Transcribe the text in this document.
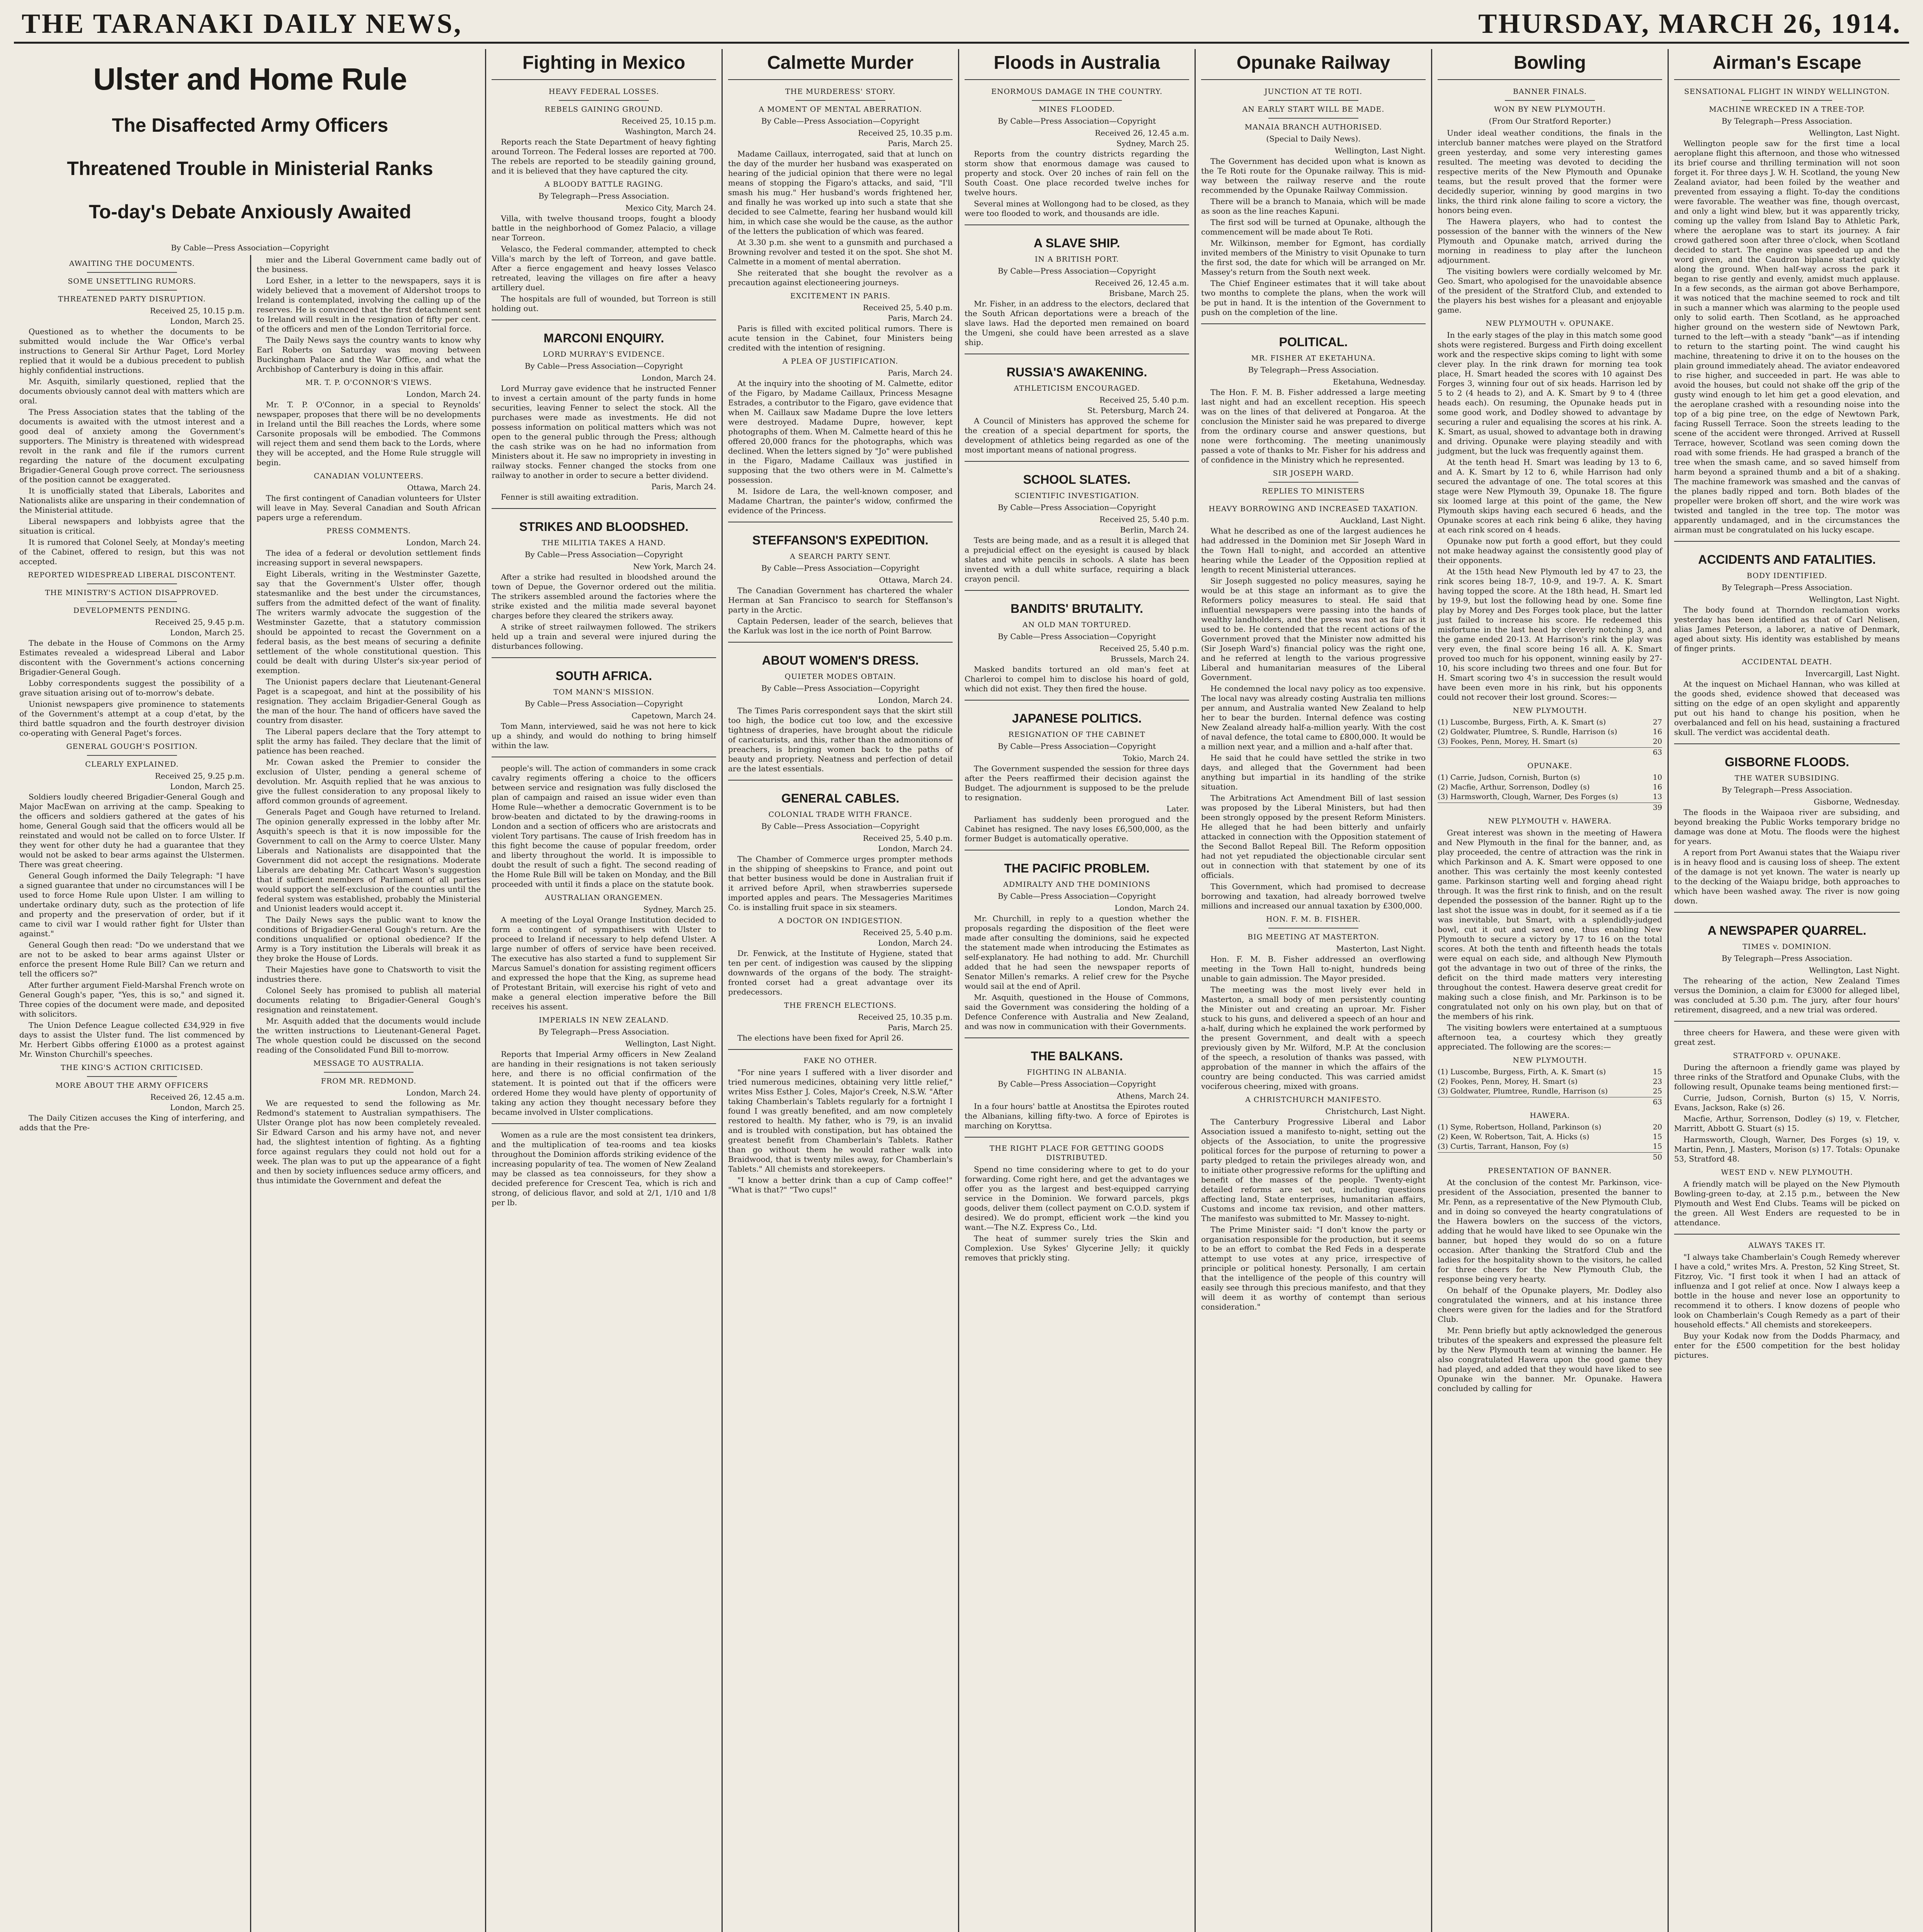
THE TARANAKI DAILY NEWS,	THURSDAY, MARCH 26, 1914.
Ulster and Home Rule
The Disaffected Army Officers
Threatened Trouble in Ministerial Ranks
To-day's Debate Anxiously Awaited
By Cable—Press Association—Copyright
AWAITING THE DOCUMENTS.
SOME UNSETTLING RUMORS.
THREATENED PARTY DISRUPTION.
Received 25, 10.15 p.m.
London, March 25.

Questioned as to whether the documents to be submitted would include the War Office's verbal instructions to General Sir Arthur Paget, Lord Morley replied that it would be a dubious precedent to publish highly confidential instructions.

Mr. Asquith, similarly questioned, replied that the documents obviously cannot deal with matters which are oral.

The Press Association states that the tabling of the documents is awaited with the utmost interest and a good deal of anxiety among the Government's supporters. The Ministry is threatened with widespread revolt in the rank and file if the rumors current regarding the nature of the document exculpating Brigadier-General Gough prove correct. The seriousness of the position cannot be exaggerated.

It is unofficially stated that Liberals, Laborites and Nationalists alike are unsparing in their condemnation of the Ministerial attitude.

Liberal newspapers and lobbyists agree that the situation is critical.

It is rumored that Colonel Seely, at Monday's meeting of the Cabinet, offered to resign, but this was not accepted.

REPORTED WIDESPREAD LIBERAL DISCONTENT.
THE MINISTRY'S ACTION DISAPPROVED.
DEVELOPMENTS PENDING.
Received 25, 9.45 p.m.
London, March 25.

The debate in the House of Commons on the Army Estimates revealed a widespread Liberal and Labor discontent with the Government's actions concerning Brigadier-General Gough.

Lobby correspondents suggest the possibility of a grave situation arising out of to-morrow's debate.

Unionist newspapers give prominence to statements of the Government's attempt at a coup d'etat, by the third battle squadron and the fourth destroyer division co-operating with General Paget's forces.

GENERAL GOUGH'S POSITION.
CLEARLY EXPLAINED.
Received 25, 9.25 p.m.
London, March 25.

Soldiers loudly cheered Brigadier-General Gough and Major MacEwan on arriving at the camp. Speaking to the officers and soldiers gathered at the gates of his home, General Gough said that the officers would all be reinstated and would not be called on to force Ulster. If they went for other duty he had a guarantee that they would not be asked to bear arms against the Ulstermen. There was great cheering.

General Gough informed the Daily Telegraph: "I have a signed guarantee that under no circumstances will I be used to force Home Rule upon Ulster. I am willing to undertake ordinary duty, such as the protection of life and property and the preservation of order, but if it came to civil war I would rather fight for Ulster than against."

General Gough then read: "Do we understand that we are not to be asked to bear arms against Ulster or enforce the present Home Rule Bill? Can we return and tell the officers so?"

After further argument Field-Marshal French wrote on General Gough's paper, "Yes, this is so," and signed it. Three copies of the document were made, and deposited with solicitors.

The Union Defence League collected £34,929 in five days to assist the Ulster fund. The list commenced by Mr. Herbert Gibbs offering £1000 as a protest against Mr. Winston Churchill's speeches.

THE KING'S ACTION CRITICISED.
MORE ABOUT THE ARMY OFFICERS
Received 26, 12.45 a.m.
London, March 25.

The Daily Citizen accuses the King of interfering, and adds that the Pre-

mier and the Liberal Government came badly out of the business.

Lord Esher, in a letter to the newspapers, says it is widely believed that a movement of Aldershot troops to Ireland is contemplated, involving the calling up of the reserves. He is convinced that the first detachment sent to Ireland will result in the resignation of fifty per cent. of the officers and men of the London Territorial force.

The Daily News says the country wants to know why Earl Roberts on Saturday was moving between Buckingham Palace and the War Office, and what the Archbishop of Canterbury is doing in this affair.

MR. T. P. O'CONNOR'S VIEWS.
London, March 24.

Mr. T. P. O'Connor, in a special to Reynolds' newspaper, proposes that there will be no developments in Ireland until the Bill reaches the Lords, where some Carsonite proposals will be embodied. The Commons will reject them and send them back to the Lords, where they will be accepted, and the Home Rule struggle will begin.

CANADIAN VOLUNTEERS.
Ottawa, March 24.

The first contingent of Canadian volunteers for Ulster will leave in May. Several Canadian and South African papers urge a referendum.

PRESS COMMENTS.
London, March 24.

The idea of a federal or devolution settlement finds increasing support in several newspapers.

Eight Liberals, writing in the Westminster Gazette, say that the Government's Ulster offer, though statesmanlike and the best under the circumstances, suffers from the admitted defect of the want of finality. The writers warmly advocate the suggestion of the Westminster Gazette, that a statutory commission should be appointed to recast the Government on a federal basis, as the best means of securing a definite settlement of the whole constitutional question. This could be dealt with during Ulster's six-year period of exemption.

The Unionist papers declare that Lieutenant-General Paget is a scapegoat, and hint at the possibility of his resignation. They acclaim Brigadier-General Gough as the man of the hour. The hand of officers have saved the country from disaster.

The Liberal papers declare that the Tory attempt to split the army has failed. They declare that the limit of patience has been reached.

Mr. Cowan asked the Premier to consider the exclusion of Ulster, pending a general scheme of devolution. Mr. Asquith replied that he was anxious to give the fullest consideration to any proposal likely to afford common grounds of agreement.

Generals Paget and Gough have returned to Ireland. The opinion generally expressed in the lobby after Mr. Asquith's speech is that it is now impossible for the Government to call on the Army to coerce Ulster. Many Liberals and Nationalists are disappointed that the Government did not accept the resignations. Moderate Liberals are debating Mr. Cathcart Wason's suggestion that if sufficient members of Parliament of all parties would support the self-exclusion of the counties until the federal system was established, probably the Ministerial and Unionist leaders would accept it.

The Daily News says the public want to know the conditions of Brigadier-General Gough's return. Are the conditions unqualified or optional obedience? If the Army is a Tory institution the Liberals will break it as they broke the House of Lords.

Their Majesties have gone to Chatsworth to visit the industries there.

Colonel Seely has promised to publish all material documents relating to Brigadier-General Gough's resignation and reinstatement.

Mr. Asquith added that the documents would include the written instructions to Lieutenant-General Paget. The whole question could be discussed on the second reading of the Consolidated Fund Bill to-morrow.

MESSAGE TO AUSTRALIA.
FROM MR. REDMOND.
London, March 24.

We are requested to send the following as Mr. Redmond's statement to Australian sympathisers. The Ulster Orange plot has now been completely revealed. Sir Edward Carson and his army have not, and never had, the slightest intention of fighting. As a fighting force against regulars they could not hold out for a week. The plan was to put up the appearance of a fight and then by society influences seduce army officers, and thus intimidate the Government and defeat the

Fighting in Mexico
HEAVY FEDERAL LOSSES.
REBELS GAINING GROUND.
Received 25, 10.15 p.m.
Washington, March 24.

Reports reach the State Department of heavy fighting around Torreon. The Federal losses are reported at 700. The rebels are reported to be steadily gaining ground, and it is believed that they have captured the city.

A BLOODY BATTLE RAGING.
By Telegraph—Press Association.
Mexico City, March 24.

Villa, with twelve thousand troops, fought a bloody battle in the neighborhood of Gomez Palacio, a village near Torreon.

Velasco, the Federal commander, attempted to check Villa's march by the left of Torreon, and gave battle. After a fierce engagement and heavy losses Velasco retreated, leaving the villages on fire after a heavy artillery duel.

The hospitals are full of wounded, but Torreon is still holding out.

MARCONI ENQUIRY.
LORD MURRAY'S EVIDENCE.
By Cable—Press Association—Copyright
London, March 24.

Lord Murray gave evidence that he instructed Fenner to invest a certain amount of the party funds in home securities, leaving Fenner to select the stock. All the purchases were made as investments. He did not possess information on political matters which was not open to the general public through the Press; although the cash strike was on he had no information from Ministers about it. He saw no impropriety in investing in railway stocks. Fenner changed the stocks from one railway to another in order to secure a better dividend.

Paris, March 24.

Fenner is still awaiting extradition.

STRIKES AND BLOODSHED.
THE MILITIA TAKES A HAND.
By Cable—Press Association—Copyright
New York, March 24.

After a strike had resulted in bloodshed around the town of Depue, the Governor ordered out the militia. The strikers assembled around the factories where the strike existed and the militia made several bayonet charges before they cleared the strikers away.

A strike of street railwaymen followed. The strikers held up a train and several were injured during the disturbances following.

SOUTH AFRICA.
TOM MANN'S MISSION.
By Cable—Press Association—Copyright
Capetown, March 24.

Tom Mann, interviewed, said he was not here to kick up a shindy, and would do nothing to bring himself within the law.

people's will. The action of commanders in some crack cavalry regiments offering a choice to the officers between service and resignation was fully disclosed the plan of campaign and raised an issue wider even than Home Rule—whether a democratic Government is to be brow-beaten and dictated to by the drawing-rooms in London and a section of officers who are aristocrats and violent Tory partisans. The cause of Irish freedom has in this fight become the cause of popular freedom, order and liberty throughout the world. It is impossible to doubt the result of such a fight. The second reading of the Home Rule Bill will be taken on Monday, and the Bill proceeded with until it finds a place on the statute book.

AUSTRALIAN ORANGEMEN.
Sydney, March 25.

A meeting of the Loyal Orange Institution decided to form a contingent of sympathisers with Ulster to proceed to Ireland if necessary to help defend Ulster. A large number of offers of service have been received. The executive has also started a fund to supplement Sir Marcus Samuel's donation for assisting regiment officers and expressed the hope that the King, as supreme head of Protestant Britain, will exercise his right of veto and make a general election imperative before the Bill receives his assent.

IMPERIALS IN NEW ZEALAND.
By Telegraph—Press Association.
Wellington, Last Night.

Reports that Imperial Army officers in New Zealand are handing in their resignations is not taken seriously here, and there is no official confirmation of the statement. It is pointed out that if the officers were ordered Home they would have plenty of opportunity of taking any action they thought necessary before they became involved in Ulster complications.

Women as a rule are the most consistent tea drinkers, and the multiplication of tea-rooms and tea kiosks throughout the Dominion affords striking evidence of the increasing popularity of tea. The women of New Zealand may be classed as tea connoisseurs, for they show a decided preference for Crescent Tea, which is rich and strong, of delicious flavor, and sold at 2/1, 1/10 and 1/8 per lb.

Calmette Murder
THE MURDERESS' STORY.
A MOMENT OF MENTAL ABERRATION.
By Cable—Press Association—Copyright
Received 25, 10.35 p.m.
Paris, March 25.

Madame Caillaux, interrogated, said that at lunch on the day of the murder her husband was exasperated on hearing of the judicial opinion that there were no legal means of stopping the Figaro's attacks, and said, "I'll smash his mug." Her husband's words frightened her, and finally he was worked up into such a state that she decided to see Calmette, fearing her husband would kill him, in which case she would be the cause, as the author of the letters the publication of which was feared.

At 3.30 p.m. she went to a gunsmith and purchased a Browning revolver and tested it on the spot. She shot M. Calmette in a moment of mental aberration.

She reiterated that she bought the revolver as a precaution against electioneering journeys.

EXCITEMENT IN PARIS.
Received 25, 5.40 p.m.
Paris, March 24.

Paris is filled with excited political rumors. There is acute tension in the Cabinet, four Ministers being credited with the intention of resigning.

A PLEA OF JUSTIFICATION.
Paris, March 24.

At the inquiry into the shooting of M. Calmette, editor of the Figaro, by Madame Caillaux, Princess Mesagne Estrades, a contributor to the Figaro, gave evidence that when M. Caillaux saw Madame Dupre the love letters were destroyed. Madame Dupre, however, kept photographs of them. When M. Calmette heard of this he offered 20,000 francs for the photographs, which was declined. When the letters signed by "Jo" were published in the Figaro, Madame Caillaux was justified in supposing that the two others were in M. Calmette's possession.

M. Isidore de Lara, the well-known composer, and Madame Chartran, the painter's widow, confirmed the evidence of the Princess.

STEFFANSON'S EXPEDITION.
A SEARCH PARTY SENT.
By Cable—Press Association—Copyright
Ottawa, March 24.

The Canadian Government has chartered the whaler Herman at San Francisco to search for Steffanson's party in the Arctic.

Captain Pedersen, leader of the search, believes that the Karluk was lost in the ice north of Point Barrow.

ABOUT WOMEN'S DRESS.
QUIETER MODES OBTAIN.
By Cable—Press Association—Copyright
London, March 24.

The Times Paris correspondent says that the skirt still too high, the bodice cut too low, and the excessive tightness of draperies, have brought about the ridicule of caricaturists, and this, rather than the admonitions of preachers, is bringing women back to the paths of beauty and propriety. Neatness and perfection of detail are the latest essentials.

GENERAL CABLES.
COLONIAL TRADE WITH FRANCE.
By Cable—Press Association—Copyright
Received 25, 5.40 p.m.
London, March 24.

The Chamber of Commerce urges prompter methods in the shipping of sheepskins to France, and point out that better business would be done in Australian fruit if it arrived before April, when strawberries supersede imported apples and pears. The Messageries Maritimes Co. is installing fruit space in six steamers.

A DOCTOR ON INDIGESTION.
Received 25, 5.40 p.m.
London, March 24.

Dr. Fenwick, at the Institute of Hygiene, stated that ten per cent. of indigestion was caused by the slipping downwards of the organs of the body. The straight-fronted corset had a great advantage over its predecessors.

THE FRENCH ELECTIONS.
Received 25, 10.35 p.m.
Paris, March 25.

The elections have been fixed for April 26.

FAKE NO OTHER.

"For nine years I suffered with a liver disorder and tried numerous medicines, obtaining very little relief," writes Miss Esther J. Coles, Major's Creek, N.S.W. "After taking Chamberlain's Tablets regularly for a fortnight I found I was greatly benefited, and am now completely restored to health. My father, who is 79, is an invalid and is troubled with constipation, but has obtained the greatest benefit from Chamberlain's Tablets. Rather than go without them he would rather walk into Braidwood, that is twenty miles away, for Chamberlain's Tablets." All chemists and storekeepers.

"I know a better drink than a cup of Camp coffee!" "What is that?" "Two cups!"

Floods in Australia
ENORMOUS DAMAGE IN THE COUNTRY.
MINES FLOODED.
By Cable—Press Association—Copyright
Received 26, 12.45 a.m.
Sydney, March 25.

Reports from the country districts regarding the storm show that enormous damage was caused to property and stock. Over 20 inches of rain fell on the South Coast. One place recorded twelve inches for twelve hours.

Several mines at Wollongong had to be closed, as they were too flooded to work, and thousands are idle.

A SLAVE SHIP.
IN A BRITISH PORT.
By Cable—Press Association—Copyright
Received 26, 12.45 a.m.
Brisbane, March 25.

Mr. Fisher, in an address to the electors, declared that the South African deportations were a breach of the slave laws. Had the deported men remained on board the Umgeni, she could have been arrested as a slave ship.

RUSSIA'S AWAKENING.
ATHLETICISM ENCOURAGED.
Received 25, 5.40 p.m.
St. Petersburg, March 24.

A Council of Ministers has approved the scheme for the creation of a special department for sports, the development of athletics being regarded as one of the most important means of national progress.

SCHOOL SLATES.
SCIENTIFIC INVESTIGATION.
By Cable—Press Association—Copyright
Received 25, 5.40 p.m.
Berlin, March 24.

Tests are being made, and as a result it is alleged that a prejudicial effect on the eyesight is caused by black slates and white pencils in schools. A slate has been invented with a dull white surface, requiring a black crayon pencil.

BANDITS' BRUTALITY.
AN OLD MAN TORTURED.
By Cable—Press Association—Copyright
Received 25, 5.40 p.m.
Brussels, March 24.

Masked bandits tortured an old man's feet at Charleroi to compel him to disclose his hoard of gold, which did not exist. They then fired the house.

JAPANESE POLITICS.
RESIGNATION OF THE CABINET
By Cable—Press Association—Copyright
Tokio, March 24.

The Government suspended the session for three days after the Peers reaffirmed their decision against the Budget. The adjournment is supposed to be the prelude to resignation.

Later.

Parliament has suddenly been prorogued and the Cabinet has resigned. The navy loses £6,500,000, as the former Budget is automatically operative.

THE PACIFIC PROBLEM.
ADMIRALTY AND THE DOMINIONS
By Cable—Press Association—Copyright
London, March 24.

Mr. Churchill, in reply to a question whether the proposals regarding the disposition of the fleet were made after consulting the dominions, said he expected the statement made when introducing the Estimates as self-explanatory. He had nothing to add. Mr. Churchill added that he had seen the newspaper reports of Senator Millen's remarks. A relief crew for the Psyche would sail at the end of April.

Mr. Asquith, questioned in the House of Commons, said the Government was considering the holding of a Defence Conference with Australia and New Zealand, and was now in communication with their Governments.

THE BALKANS.
FIGHTING IN ALBANIA.
By Cable—Press Association—Copyright
Athens, March 24.

In a four hours' battle at Anostitsa the Epirotes routed the Albanians, killing fifty-two. A force of Epirotes is marching on Koryttsa.

THE RIGHT PLACE FOR GETTING GOODS DISTRIBUTED.

Spend no time considering where to get to do your forwarding. Come right here, and get the advantages we offer you as the largest and best-equipped carrying service in the Dominion. We forward parcels, pkgs goods, deliver them (collect payment on C.O.D. system if desired). We do prompt, efficient work —the kind you want.—The N.Z. Express Co., Ltd.

The heat of summer surely tries the Skin and Complexion. Use Sykes' Glycerine Jelly; it quickly removes that prickly sting.

Opunake Railway
JUNCTION AT TE ROTI.
AN EARLY START WILL BE MADE.
MANAIA BRANCH AUTHORISED.
(Special to Daily News).
Wellington, Last Night.

The Government has decided upon what is known as the Te Roti route for the Opunake railway. This is mid-way between the railway reserve and the route recommended by the Opunake Railway Commission.

There will be a branch to Manaia, which will be made as soon as the line reaches Kapuni.

The first sod will be turned at Opunake, although the commencement will be made about Te Roti.

Mr. Wilkinson, member for Egmont, has cordially invited members of the Ministry to visit Opunake to turn the first sod, the date for which will be arranged on Mr. Massey's return from the South next week.

The Chief Engineer estimates that it will take about two months to complete the plans, when the work will be put in hand. It is the intention of the Government to push on the completion of the line.

POLITICAL.
MR. FISHER AT EKETAHUNA.
By Telegraph—Press Association.
Eketahuna, Wednesday.

The Hon. F. M. B. Fisher addressed a large meeting last night and had an excellent reception. His speech was on the lines of that delivered at Pongaroa. At the conclusion the Minister said he was prepared to diverge from the ordinary course and answer questions, but none were forthcoming. The meeting unanimously passed a vote of thanks to Mr. Fisher for his address and of confidence in the Ministry which he represented.

SIR JOSEPH WARD.
REPLIES TO MINISTERS
HEAVY BORROWING AND INCREASED TAXATION.
Auckland, Last Night.

What he described as one of the largest audiences he had addressed in the Dominion met Sir Joseph Ward in the Town Hall to-night, and accorded an attentive hearing while the Leader of the Opposition replied at length to recent Ministerial utterances.

Sir Joseph suggested no policy measures, saying he would be at this stage an informant as to give the Reformers policy measures to steal. He said that influential newspapers were passing into the hands of wealthy landholders, and the press was not as fair as it used to be. He contended that the recent actions of the Government proved that the Minister now admitted his (Sir Joseph Ward's) financial policy was the right one, and he referred at length to the various progressive Liberal and humanitarian measures of the Liberal Government.

He condemned the local navy policy as too expensive. The local navy was already costing Australia ten millions per annum, and Australia wanted New Zealand to help her to bear the burden. Internal defence was costing New Zealand already half-a-million yearly. With the cost of naval defence, the total came to £800,000. It would be a million next year, and a million and a-half after that.

He said that he could have settled the strike in two days, and alleged that the Government had been anything but impartial in its handling of the strike situation.

The Arbitrations Act Amendment Bill of last session was proposed by the Liberal Ministers, but had then been strongly opposed by the present Reform Ministers. He alleged that he had been bitterly and unfairly attacked in connection with the Opposition statement of the Second Ballot Repeal Bill. The Reform opposition had not yet repudiated the objectionable circular sent out in connection with that statement by one of its officials.

This Government, which had promised to decrease borrowing and taxation, had already borrowed twelve millions and increased our annual taxation by £300,000.

HON. F. M. B. FISHER.
BIG MEETING AT MASTERTON.
Masterton, Last Night.

Hon. F. M. B. Fisher addressed an overflowing meeting in the Town Hall to-night, hundreds being unable to gain admission. The Mayor presided.

The meeting was the most lively ever held in Masterton, a small body of men persistently counting the Minister out and creating an uproar. Mr. Fisher stuck to his guns, and delivered a speech of an hour and a-half, during which he explained the work performed by the present Government, and dealt with a speech previously given by Mr. Wilford, M.P. At the conclusion of the speech, a resolution of thanks was passed, with approbation of the manner in which the affairs of the country are being conducted. This was carried amidst vociferous cheering, mixed with groans.

A CHRISTCHURCH MANIFESTO.
Christchurch, Last Night.

The Canterbury Progressive Liberal and Labor Association issued a manifesto to-night, setting out the objects of the Association, to unite the progressive political forces for the purpose of returning to power a party pledged to retain the privileges already won, and to initiate other progressive reforms for the uplifting and benefit of the masses of the people. Twenty-eight detailed reforms are set out, including questions affecting land, State enterprises, humanitarian affairs, Customs and income tax revision, and other matters. The manifesto was submitted to Mr. Massey to-night.

The Prime Minister said: "I don't know the party or organisation responsible for the production, but it seems to be an effort to combat the Red Feds in a desperate attempt to use votes at any price, irrespective of principle or political honesty. Personally, I am certain that the intelligence of the people of this country will easily see through this precious manifesto, and that they will deem it as worthy of contempt than serious consideration."

Bowling
BANNER FINALS.
WON BY NEW PLYMOUTH.
(From Our Stratford Reporter.)

Under ideal weather conditions, the finals in the interclub banner matches were played on the Stratford green yesterday, and some very interesting games resulted. The meeting was devoted to deciding the respective merits of the New Plymouth and Opunake teams, but the result proved that the former were decidedly superior, winning by good margins in two links, the third rink alone failing to score a victory, the honors being even.

The Hawera players, who had to contest the possession of the banner with the winners of the New Plymouth and Opunake match, arrived during the morning in readiness to play after the luncheon adjournment.

The visiting bowlers were cordially welcomed by Mr. Geo. Smart, who apologised for the unavoidable absence of the president of the Stratford Club, and extended to the players his best wishes for a pleasant and enjoyable game.

NEW PLYMOUTH v. OPUNAKE.

In the early stages of the play in this match some good shots were registered. Burgess and Firth doing excellent work and the respective skips coming to light with some clever play. In the rink drawn for morning tea took place, H. Smart headed the scores with 10 against Des Forges 3, winning four out of six heads. Harrison led by 5 to 2 (4 heads to 2), and A. K. Smart by 9 to 4 (three heads each). On resuming, the Opunake heads put in some good work, and Dodley showed to advantage by securing a ruler and equalising the scores at his rink. A. K. Smart, as usual, showed to advantage both in drawing and driving. Opunake were playing steadily and with judgment, but the luck was frequently against them.

At the tenth head H. Smart was leading by 13 to 6, and A. K. Smart by 12 to 6, while Harrison had only secured the advantage of one. The total scores at this stage were New Plymouth 39, Opunake 18. The figure six loomed large at this point of the game, the New Plymouth skips having each secured 6 heads, and the Opunake scores at each rink being 6 alike, they having at each rink scored on 4 heads.

Opunake now put forth a good effort, but they could not make headway against the consistently good play of their opponents.

At the 15th head New Plymouth led by 47 to 23, the rink scores being 18-7, 10-9, and 19-7. A. K. Smart having topped the score. At the 18th head, H. Smart led by 19-9, but lost the following head by one. Some fine play by Morey and Des Forges took place, but the latter just failed to increase his score. He redeemed this misfortune in the last head by cleverly notching 3, and the game ended 20-13. At Harrison's rink the play was very even, the final score being 16 all. A. K. Smart proved too much for his opponent, winning easily by 27-10, his score including two threes and one four. But for H. Smart scoring two 4's in succession the result would have been even more in his rink, but his opponents could not recover their lost ground. Scores:—

NEW PLYMOUTH.
(1) Luscombe, Burgess, Firth, A. K. Smart (s)	27
(2) Goldwater, Plumtree, S. Rundle, Harrison (s)	16
(3) Fookes, Penn, Morey, H. Smart (s)	20
63
OPUNAKE.
(1) Carrie, Judson, Cornish, Burton (s)	10
(2) Macfie, Arthur, Sorrenson, Dodley (s)	16
(3) Harmsworth, Clough, Warner, Des Forges (s)	13
39
NEW PLYMOUTH v. HAWERA.

Great interest was shown in the meeting of Hawera and New Plymouth in the final for the banner, and, as play proceeded, the centre of attraction was the rink in which Parkinson and A. K. Smart were opposed to one another. This was certainly the most keenly contested game. Parkinson starting well and forging ahead right through. It was the first rink to finish, and on the result depended the possession of the banner. Right up to the last shot the issue was in doubt, for it seemed as if a tie was inevitable, but Smart, with a splendidly-judged bowl, cut it out and saved one, thus enabling New Plymouth to secure a victory by 17 to 16 on the total scores. At both the tenth and fifteenth heads the totals were equal on each side, and although New Plymouth got the advantage in two out of three of the rinks, the deficit on the third made matters very interesting throughout the contest. Hawera deserve great credit for making such a close finish, and Mr. Parkinson is to be congratulated not only on his own play, but on that of the members of his rink.

The visiting bowlers were entertained at a sumptuous afternoon tea, a courtesy which they greatly appreciated. The following are the scores:—

NEW PLYMOUTH.
(1) Luscombe, Burgess, Firth, A. K. Smart (s)	15
(2) Fookes, Penn, Morey, H. Smart (s)	23
(3) Goldwater, Plumtree, Rundle, Harrison (s)	25
63
HAWERA.
(1) Syme, Robertson, Holland, Parkinson (s)	20
(2) Keen, W. Robertson, Tait, A. Hicks (s)	15
(3) Curtis, Tarrant, Hanson, Foy (s)	15
50
PRESENTATION OF BANNER.

At the conclusion of the contest Mr. Parkinson, vice-president of the Association, presented the banner to Mr. Penn, as a representative of the New Plymouth Club, and in doing so conveyed the hearty congratulations of the Hawera bowlers on the success of the victors, adding that he would have liked to see Opunake win the banner, but hoped they would do so on a future occasion. After thanking the Stratford Club and the ladies for the hospitality shown to the visitors, he called for three cheers for the New Plymouth Club, the response being very hearty.

On behalf of the Opunake players, Mr. Dodley also congratulated the winners, and at his instance three cheers were given for the ladies and for the Stratford Club.

Mr. Penn briefly but aptly acknowledged the generous tributes of the speakers and expressed the pleasure felt by the New Plymouth team at winning the banner. He also congratulated Hawera upon the good game they had played, and added that they would have liked to see Opunake win the banner. Mr. Opunake. Hawera concluded by calling for

Airman's Escape
SENSATIONAL FLIGHT IN WINDY WELLINGTON.
MACHINE WRECKED IN A TREE-TOP.
By Telegraph—Press Association.
Wellington, Last Night.

Wellington people saw for the first time a local aeroplane flight this afternoon, and those who witnessed its brief course and thrilling termination will not soon forget it. For three days J. W. H. Scotland, the young New Zealand aviator, had been foiled by the weather and prevented from essaying a flight. To-day the conditions were favorable. The weather was fine, though overcast, and only a light wind blew, but it was apparently tricky, coming up the valley from Island Bay to Athletic Park, where the aeroplane was to start its journey. A fair crowd gathered soon after three o'clock, when Scotland decided to start. The engine was speeded up and the word given, and the Caudron biplane started quickly along the ground. When half-way across the park it began to rise gently and evenly, amidst much applause. In a few seconds, as the airman got above Berhampore, it was noticed that the machine seemed to rock and tilt in such a manner which was alarming to the people used only to solid earth. Then Scotland, as he approached higher ground on the western side of Newtown Park, turned to the left—with a steady "bank"—as if intending to return to the starting point. The wind caught his machine, threatening to drive it on to the houses on the plain ground immediately ahead. The aviator endeavored to rise higher, and succeeded in part. He was able to avoid the houses, but could not shake off the grip of the gusty wind enough to let him get a good elevation, and the aeroplane crashed with a resounding noise into the top of a big pine tree, on the edge of Newtown Park, facing Russell Terrace. Soon the streets leading to the scene of the accident were thronged. Arrived at Russell Terrace, however, Scotland was seen coming down the road with some friends. He had grasped a branch of the tree when the smash came, and so saved himself from harm beyond a sprained thumb and a bit of a shaking. The machine framework was smashed and the canvas of the planes badly ripped and torn. Both blades of the propeller were broken off short, and the wire work was twisted and tangled in the tree top. The motor was apparently undamaged, and in the circumstances the airman must be congratulated on his lucky escape.

ACCIDENTS AND FATALITIES.
BODY IDENTIFIED.
By Telegraph—Press Association.
Wellington, Last Night.

The body found at Thorndon reclamation works yesterday has been identified as that of Carl Nelisen, alias James Peterson, a laborer, a native of Denmark, aged about sixty. His identity was established by means of finger prints.

ACCIDENTAL DEATH.
Invercargill, Last Night.

At the inquest on Michael Hannan, who was killed at the goods shed, evidence showed that deceased was sitting on the edge of an open skylight and apparently put out his hand to change his position, when he overbalanced and fell on his head, sustaining a fractured skull. The verdict was accidental death.

GISBORNE FLOODS.
THE WATER SUBSIDING.
By Telegraph—Press Association.
Gisborne, Wednesday.

The floods in the Waipaoa river are subsiding, and beyond breaking the Public Works temporary bridge no damage was done at Motu. The floods were the highest for years.

A report from Port Awanui states that the Waiapu river is in heavy flood and is causing loss of sheep. The extent of the damage is not yet known. The water is nearly up to the decking of the Waiapu bridge, both approaches to which have been washed away. The river is now going down.

A NEWSPAPER QUARREL.
TIMES v. DOMINION.
By Telegraph—Press Association.
Wellington, Last Night.

The rehearing of the action, New Zealand Times versus the Dominion, a claim for £3000 for alleged libel, was concluded at 5.30 p.m. The jury, after four hours' retirement, disagreed, and a new trial was ordered.

three cheers for Hawera, and these were given with great zest.

STRATFORD v. OPUNAKE.

During the afternoon a friendly game was played by three rinks of the Stratford and Opunake Clubs, with the following result, Opunake teams being mentioned first:—

Currie, Judson, Cornish, Burton (s) 15, V. Norris, Evans, Jackson, Rake (s) 26.

Macfie, Arthur, Sorrenson, Dodley (s) 19, v. Fletcher, Marritt, Abbott G. Stuart (s) 15.

Harmsworth, Clough, Warner, Des Forges (s) 19, v. Martin, Penn, J. Masters, Morison (s) 17. Totals: Opunake 53, Stratford 48.

WEST END v. NEW PLYMOUTH.

A friendly match will be played on the New Plymouth Bowling-green to-day, at 2.15 p.m., between the New Plymouth and West End Clubs. Teams will be picked on the green. All West Enders are requested to be in attendance.

ALWAYS TAKES IT.

"I always take Chamberlain's Cough Remedy wherever I have a cold," writes Mrs. A. Preston, 52 King Street, St. Fitzroy, Vic. "I first took it when I had an attack of influenza and I got relief at once. Now I always keep a bottle in the house and never lose an opportunity to recommend it to others. I know dozens of people who look on Chamberlain's Cough Remedy as a part of their household effects." All chemists and storekeepers.

Buy your Kodak now from the Dodds Pharmacy, and enter for the £500 competition for the best holiday pictures.
